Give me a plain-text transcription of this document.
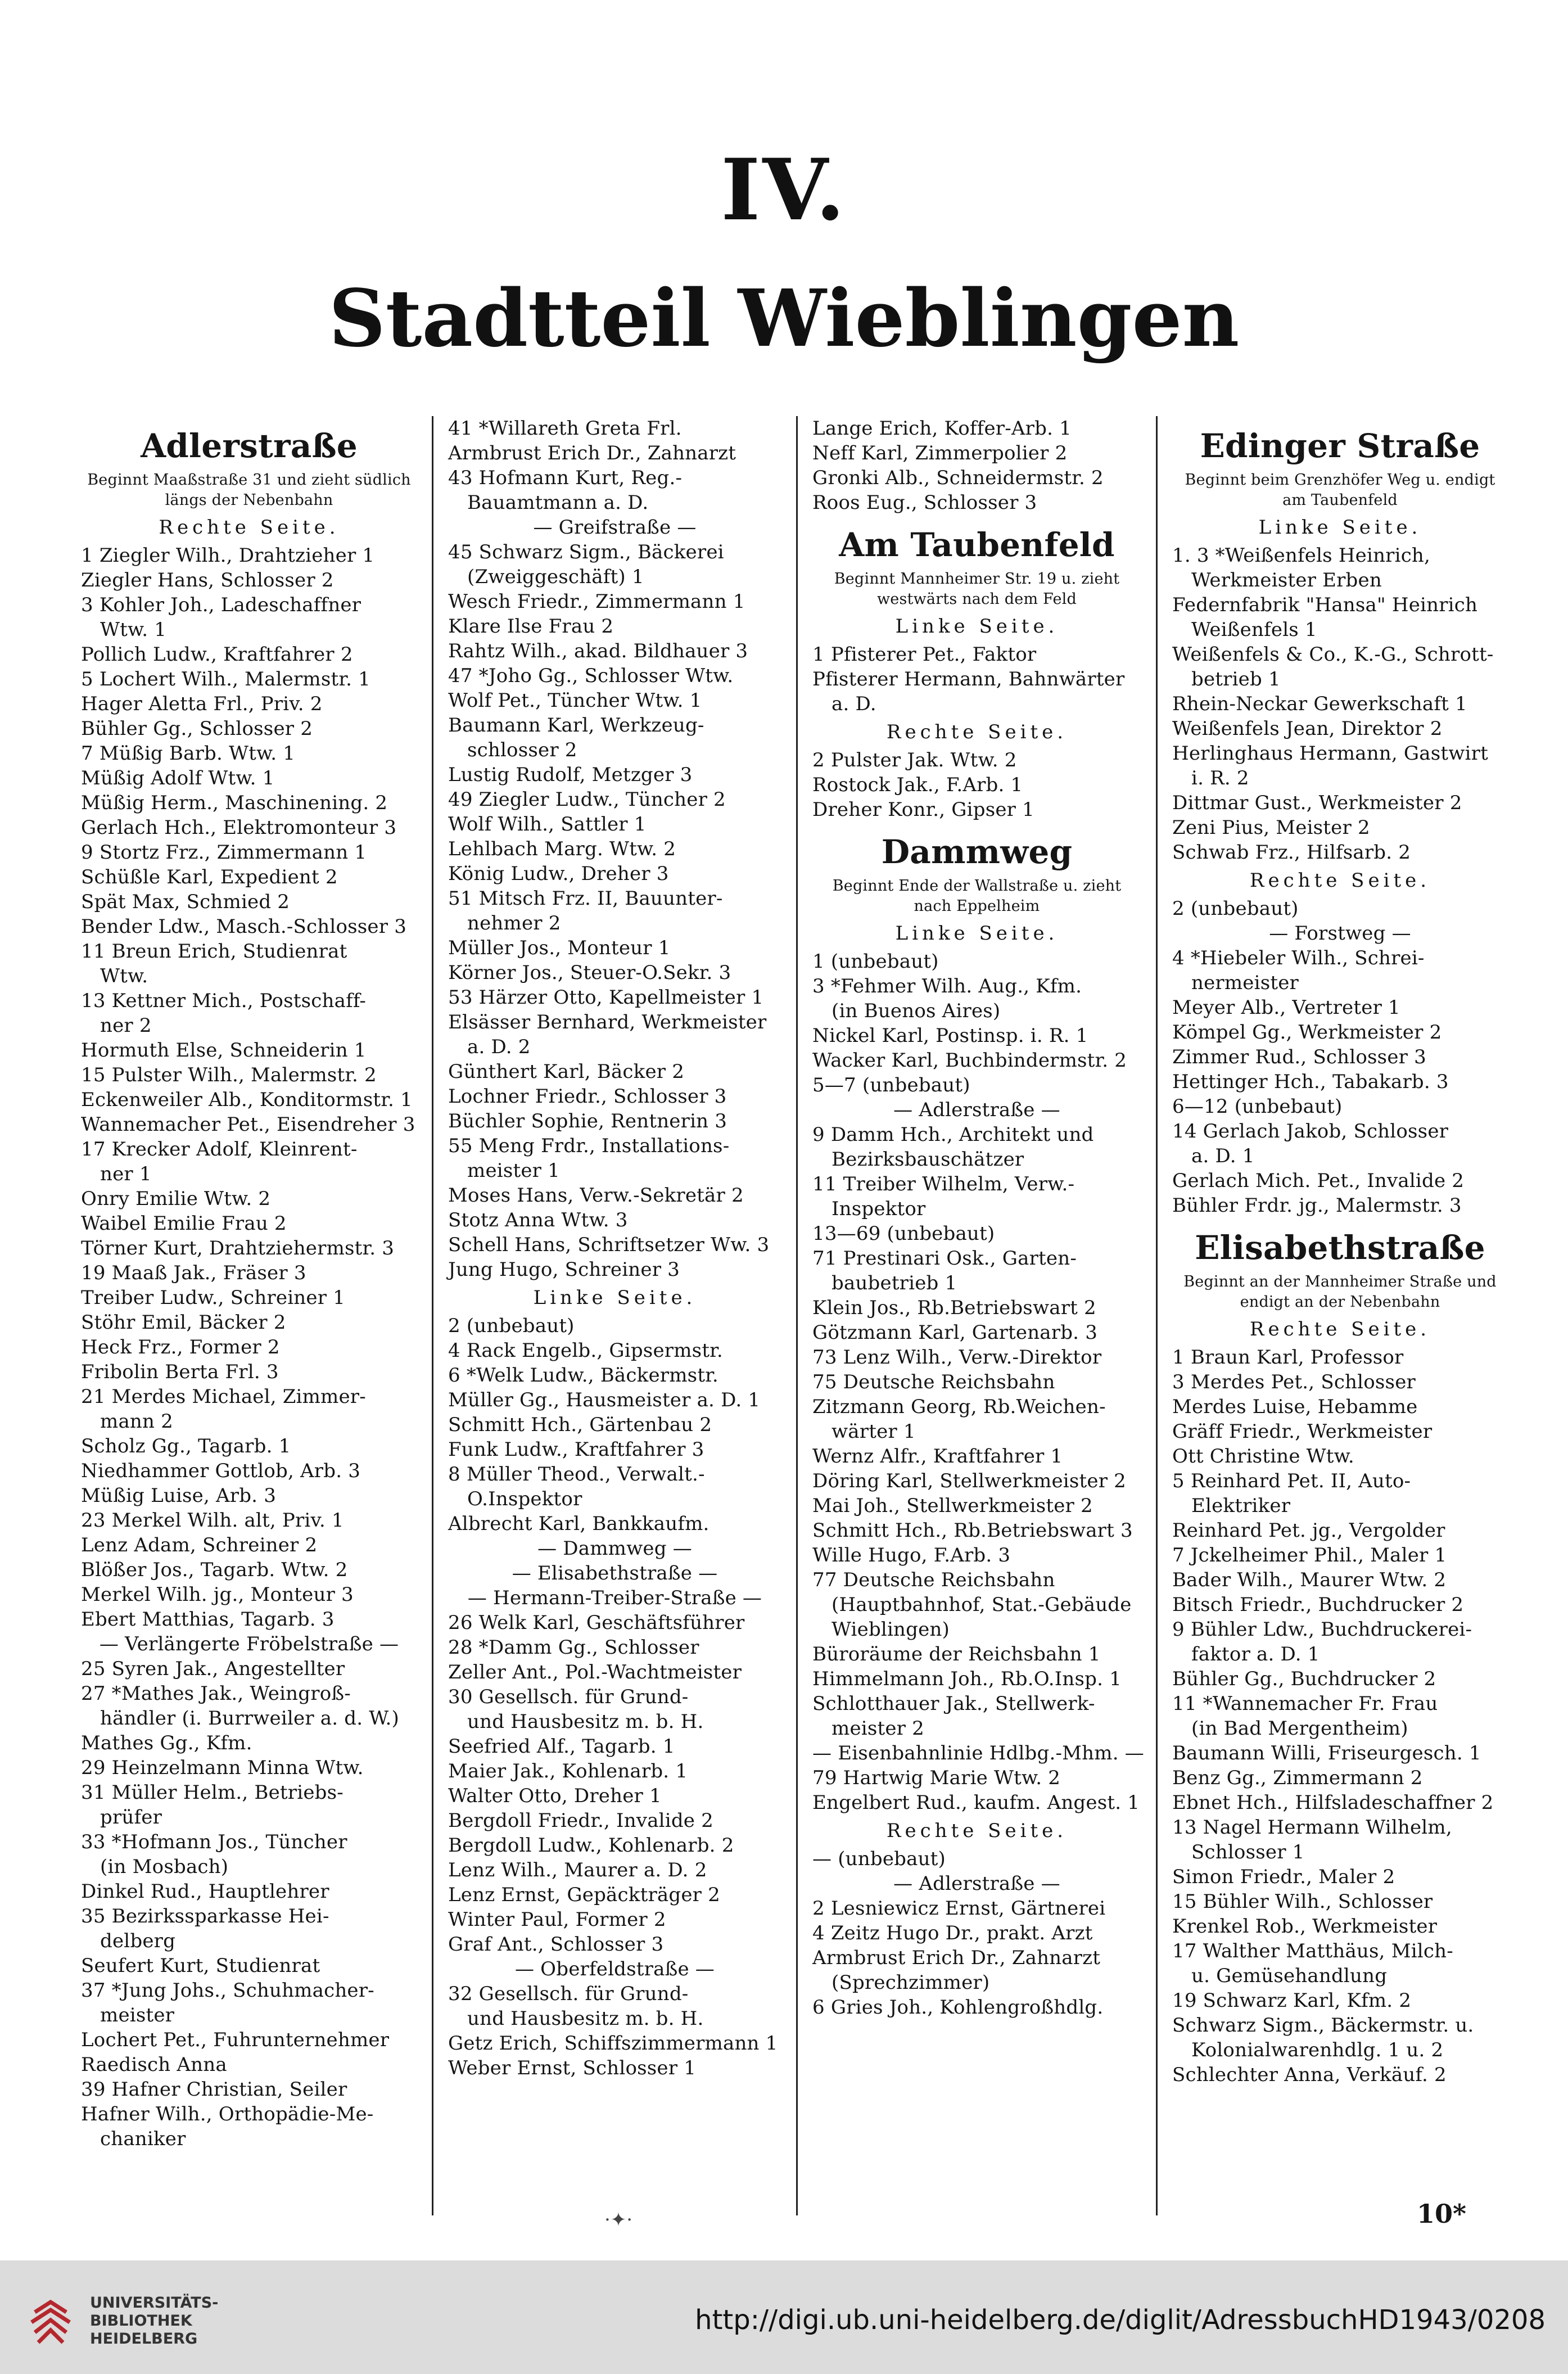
IV.
Stadtteil Wieblingen
Adlerstraße
Beginnt Maaßstraße 31 und zieht südlich längs der Nebenbahn
Rechte Seite.
1 Ziegler Wilh., Drahtzieher 1
Ziegler Hans, Schlosser 2
3 Kohler Joh., Ladeschaffner
Wtw. 1
Pollich Ludw., Kraftfahrer 2
5 Lochert Wilh., Malermstr. 1
Hager Aletta Frl., Priv. 2
Bühler Gg., Schlosser 2
7 Müßig Barb. Wtw. 1
Müßig Adolf Wtw. 1
Müßig Herm., Maschinening. 2
Gerlach Hch., Elektromonteur 3
9 Stortz Frz., Zimmermann 1
Schüßle Karl, Expedient 2
Spät Max, Schmied 2
Bender Ldw., Masch.-Schlosser 3
11 Breun Erich, Studienrat
Wtw.
13 Kettner Mich., Postschaff-
ner 2
Hormuth Else, Schneiderin 1
15 Pulster Wilh., Malermstr. 2
Eckenweiler Alb., Konditormstr. 1
Wannemacher Pet., Eisendreher 3
17 Krecker Adolf, Kleinrent-
ner 1
Onry Emilie Wtw. 2
Waibel Emilie Frau 2
Törner Kurt, Drahtziehermstr. 3
19 Maaß Jak., Fräser 3
Treiber Ludw., Schreiner 1
Stöhr Emil, Bäcker 2
Heck Frz., Former 2
Fribolin Berta Frl. 3
21 Merdes Michael, Zimmer-
mann 2
Scholz Gg., Tagarb. 1
Niedhammer Gottlob, Arb. 3
Müßig Luise, Arb. 3
23 Merkel Wilh. alt, Priv. 1
Lenz Adam, Schreiner 2
Blößer Jos., Tagarb. Wtw. 2
Merkel Wilh. jg., Monteur 3
Ebert Matthias, Tagarb. 3
— Verlängerte Fröbelstraße —
25 Syren Jak., Angestellter
27 *Mathes Jak., Weingroß-
händler (i. Burrweiler a. d. W.)
Mathes Gg., Kfm.
29 Heinzelmann Minna Wtw.
31 Müller Helm., Betriebs-
prüfer
33 *Hofmann Jos., Tüncher
(in Mosbach)
Dinkel Rud., Hauptlehrer
35 Bezirkssparkasse Hei-
delberg
Seufert Kurt, Studienrat
37 *Jung Johs., Schuhmacher-
meister
Lochert Pet., Fuhrunternehmer
Raedisch Anna
39 Hafner Christian, Seiler
Hafner Wilh., Orthopädie-Me-
chaniker
41 *Willareth Greta Frl.
Armbrust Erich Dr., Zahnarzt
43 Hofmann Kurt, Reg.-
Bauamtmann a. D.
— Greifstraße —
45 Schwarz Sigm., Bäckerei
(Zweiggeschäft) 1
Wesch Friedr., Zimmermann 1
Klare Ilse Frau 2
Rahtz Wilh., akad. Bildhauer 3
47 *Joho Gg., Schlosser Wtw.
Wolf Pet., Tüncher Wtw. 1
Baumann Karl, Werkzeug-
schlosser 2
Lustig Rudolf, Metzger 3
49 Ziegler Ludw., Tüncher 2
Wolf Wilh., Sattler 1
Lehlbach Marg. Wtw. 2
König Ludw., Dreher 3
51 Mitsch Frz. II, Bauunter-
nehmer 2
Müller Jos., Monteur 1
Körner Jos., Steuer-O.Sekr. 3
53 Härzer Otto, Kapellmeister 1
Elsässer Bernhard, Werkmeister
a. D. 2
Günthert Karl, Bäcker 2
Lochner Friedr., Schlosser 3
Büchler Sophie, Rentnerin 3
55 Meng Frdr., Installations-
meister 1
Moses Hans, Verw.-Sekretär 2
Stotz Anna Wtw. 3
Schell Hans, Schriftsetzer Ww. 3
Jung Hugo, Schreiner 3
Linke Seite.
2 (unbebaut)
4 Rack Engelb., Gipsermstr.
6 *Welk Ludw., Bäckermstr.
Müller Gg., Hausmeister a. D. 1
Schmitt Hch., Gärtenbau 2
Funk Ludw., Kraftfahrer 3
8 Müller Theod., Verwalt.-
O.Inspektor
Albrecht Karl, Bankkaufm.
— Dammweg —
— Elisabethstraße —
— Hermann-Treiber-Straße —
26 Welk Karl, Geschäftsführer
28 *Damm Gg., Schlosser
Zeller Ant., Pol.-Wachtmeister
30 Gesellsch. für Grund-
und Hausbesitz m. b. H.
Seefried Alf., Tagarb. 1
Maier Jak., Kohlenarb. 1
Walter Otto, Dreher 1
Bergdoll Friedr., Invalide 2
Bergdoll Ludw., Kohlenarb. 2
Lenz Wilh., Maurer a. D. 2
Lenz Ernst, Gepäckträger 2
Winter Paul, Former 2
Graf Ant., Schlosser 3
— Oberfeldstraße —
32 Gesellsch. für Grund-
und Hausbesitz m. b. H.
Getz Erich, Schiffszimmermann 1
Weber Ernst, Schlosser 1
Lange Erich, Koffer-Arb. 1
Neff Karl, Zimmerpolier 2
Gronki Alb., Schneidermstr. 2
Roos Eug., Schlosser 3
Am Taubenfeld
Beginnt Mannheimer Str. 19 u. zieht westwärts nach dem Feld
Linke Seite.
1 Pfisterer Pet., Faktor
Pfisterer Hermann, Bahnwärter
a. D.
Rechte Seite.
2 Pulster Jak. Wtw. 2
Rostock Jak., F.Arb. 1
Dreher Konr., Gipser 1
Dammweg
Beginnt Ende der Wallstraße u. zieht nach Eppelheim
Linke Seite.
1 (unbebaut)
3 *Fehmer Wilh. Aug., Kfm.
(in Buenos Aires)
Nickel Karl, Postinsp. i. R. 1
Wacker Karl, Buchbindermstr. 2
5—7 (unbebaut)
— Adlerstraße —
9 Damm Hch., Architekt und
Bezirksbauschätzer
11 Treiber Wilhelm, Verw.-
Inspektor
13—69 (unbebaut)
71 Prestinari Osk., Garten-
baubetrieb 1
Klein Jos., Rb.Betriebswart 2
Götzmann Karl, Gartenarb. 3
73 Lenz Wilh., Verw.-Direktor
75 Deutsche Reichsbahn
Zitzmann Georg, Rb.Weichen-
wärter 1
Wernz Alfr., Kraftfahrer 1
Döring Karl, Stellwerkmeister 2
Mai Joh., Stellwerkmeister 2
Schmitt Hch., Rb.Betriebswart 3
Wille Hugo, F.Arb. 3
77 Deutsche Reichsbahn
(Hauptbahnhof, Stat.-Gebäude
Wieblingen)
Büroräume der Reichsbahn 1
Himmelmann Joh., Rb.O.Insp. 1
Schlotthauer Jak., Stellwerk-
meister 2
— Eisenbahnlinie Hdlbg.-Mhm. —
79 Hartwig Marie Wtw. 2
Engelbert Rud., kaufm. Angest. 1
Rechte Seite.
— (unbebaut)
— Adlerstraße —
2 Lesniewicz Ernst, Gärtnerei
4 Zeitz Hugo Dr., prakt. Arzt
Armbrust Erich Dr., Zahnarzt
(Sprechzimmer)
6 Gries Joh., Kohlengroßhdlg.
Edinger Straße
Beginnt beim Grenzhöfer Weg u. endigt am Taubenfeld
Linke Seite.
1. 3 *Weißenfels Heinrich,
Werkmeister Erben
Federnfabrik "Hansa" Heinrich
Weißenfels 1
Weißenfels & Co., K.-G., Schrott-
betrieb 1
Rhein-Neckar Gewerkschaft 1
Weißenfels Jean, Direktor 2
Herlinghaus Hermann, Gastwirt
i. R. 2
Dittmar Gust., Werkmeister 2
Zeni Pius, Meister 2
Schwab Frz., Hilfsarb. 2
Rechte Seite.
2 (unbebaut)
— Forstweg —
4 *Hiebeler Wilh., Schrei-
nermeister
Meyer Alb., Vertreter 1
Kömpel Gg., Werkmeister 2
Zimmer Rud., Schlosser 3
Hettinger Hch., Tabakarb. 3
6—12 (unbebaut)
14 Gerlach Jakob, Schlosser
a. D. 1
Gerlach Mich. Pet., Invalide 2
Bühler Frdr. jg., Malermstr. 3
Elisabethstraße
Beginnt an der Mannheimer Straße und endigt an der Nebenbahn
Rechte Seite.
1 Braun Karl, Professor
3 Merdes Pet., Schlosser
Merdes Luise, Hebamme
Gräff Friedr., Werkmeister
Ott Christine Wtw.
5 Reinhard Pet. II, Auto-
Elektriker
Reinhard Pet. jg., Vergolder
7 Jckelheimer Phil., Maler 1
Bader Wilh., Maurer Wtw. 2
Bitsch Friedr., Buchdrucker 2
9 Bühler Ldw., Buchdruckerei-
faktor a. D. 1
Bühler Gg., Buchdrucker 2
11 *Wannemacher Fr. Frau
(in Bad Mergentheim)
Baumann Willi, Friseurgesch. 1
Benz Gg., Zimmermann 2
Ebnet Hch., Hilfsladeschaffner 2
13 Nagel Hermann Wilhelm,
Schlosser 1
Simon Friedr., Maler 2
15 Bühler Wilh., Schlosser
Krenkel Rob., Werkmeister
17 Walther Matthäus, Milch-
u. Gemüsehandlung
19 Schwarz Karl, Kfm. 2
Schwarz Sigm., Bäckermstr. u.
Kolonialwarenhdlg. 1 u. 2
Schlechter Anna, Verkäuf. 2
·✦·	10*
UNIVERSITÄTS-
BIBLIOTHEK
HEIDELBERG
http://digi.ub.uni-heidelberg.de/diglit/AdressbuchHD1943/0208
